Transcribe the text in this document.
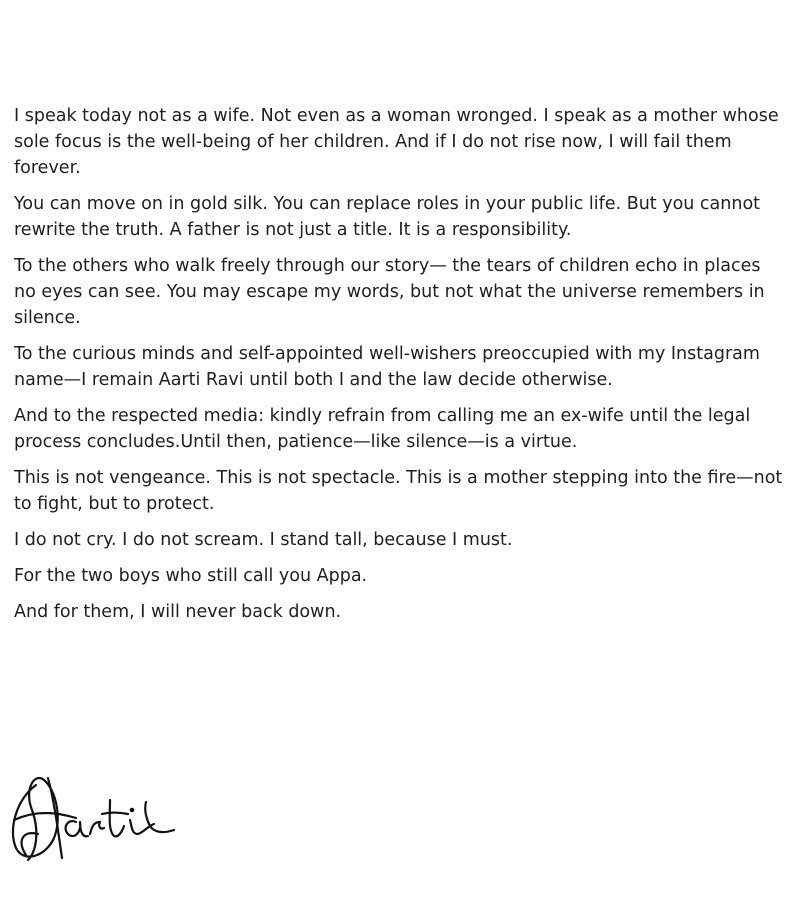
I speak today not as a wife. Not even as a woman wronged. I speak as a mother whose sole focus is the well-being of her children. And if I do not rise now, I will fail them forever.

You can move on in gold silk. You can replace roles in your public life. But you cannot rewrite the truth. A father is not just a title. It is a responsibility.

To the others who walk freely through our story— the tears of children echo in places no eyes can see. You may escape my words, but not what the universe remembers in silence.

To the curious minds and self-appointed well-wishers preoccupied with my Instagram name—I remain Aarti Ravi until both I and the law decide otherwise.

And to the respected media: kindly refrain from calling me an ex-wife until the legal process concludes.Until then, patience—like silence—is a virtue.

This is not vengeance. This is not spectacle. This is a mother stepping into the fire—not to fight, but to protect.

I do not cry. I do not scream. I stand tall, because I must.

For the two boys who still call you Appa.

And for them, I will never back down.
